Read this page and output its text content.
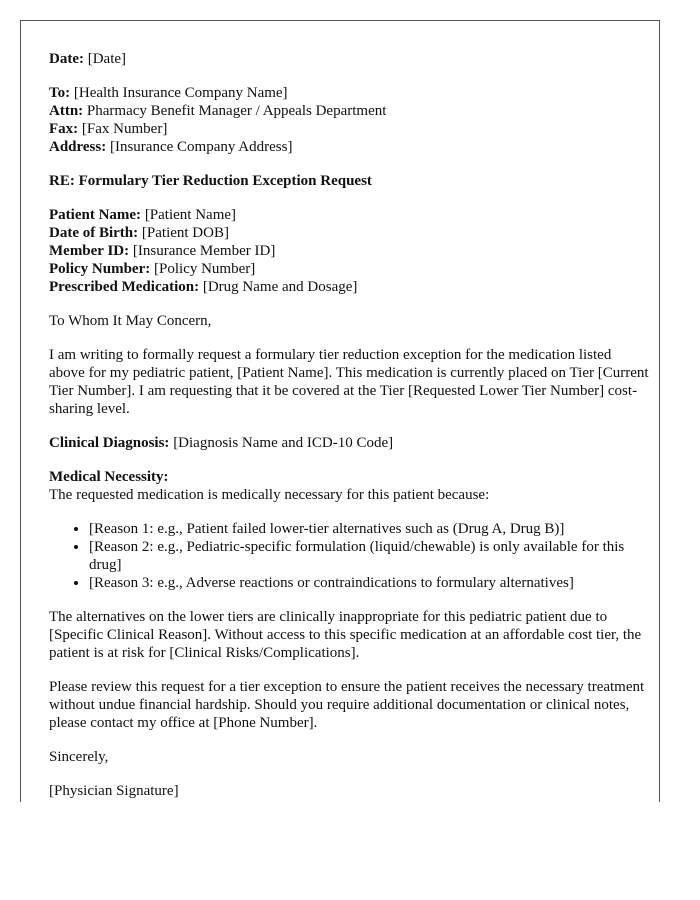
Date: [Date]
To: [Health Insurance Company Name]
Attn: Pharmacy Benefit Manager / Appeals Department
Fax: [Fax Number]
Address: [Insurance Company Address]
RE: Formulary Tier Reduction Exception Request
Patient Name: [Patient Name]
Date of Birth: [Patient DOB]
Member ID: [Insurance Member ID]
Policy Number: [Policy Number]
Prescribed Medication: [Drug Name and Dosage]

To Whom It May Concern,

I am writing to formally request a formulary tier reduction exception for the medication listed above for my pediatric patient, [Patient Name]. This medication is currently placed on Tier [Current Tier Number]. I am requesting that it be covered at the Tier [Requested Lower Tier Number] cost-sharing level.

Clinical Diagnosis: [Diagnosis Name and ICD-10 Code]
Medical Necessity:
The requested medication is medically necessary for this patient because:
• [Reason 1: e.g., Patient failed lower-tier alternatives such as (Drug A, Drug B)]
• [Reason 2: e.g., Pediatric-specific formulation (liquid/chewable) is only available for this drug]
• [Reason 3: e.g., Adverse reactions or contraindications to formulary alternatives]

The alternatives on the lower tiers are clinically inappropriate for this pediatric patient due to [Specific Clinical Reason]. Without access to this specific medication at an affordable cost tier, the patient is at risk for [Clinical Risks/Complications].

Please review this request for a tier exception to ensure the patient receives the necessary treatment without undue financial hardship. Should you require additional documentation or clinical notes, please contact my office at [Phone Number].

Sincerely,

[Physician Signature]
